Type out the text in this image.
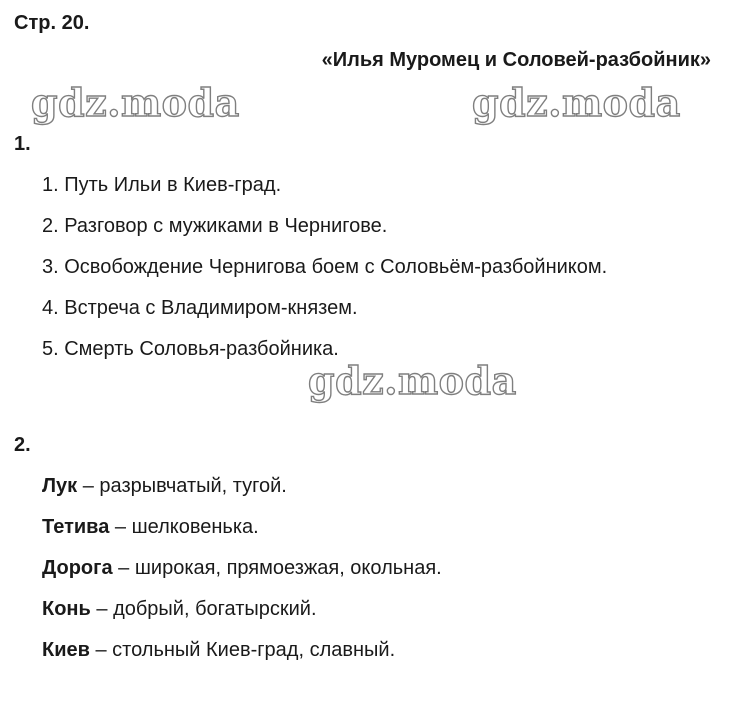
Стр. 20.
«Илья Муромец и Соловей-разбойник»
gdz.moda	gdz.moda
gdz.moda
1.
1. Путь Ильи в Киев-град.
2. Разговор с мужиками в Чернигове.
3. Освобождение Чернигова боем с Соловьём-разбойником.
4. Встреча с Владимиром-князем.
5. Смерть Соловья-разбойника.
2.
Лук – разрывчатый, тугой.
Тетива – шелковенька.
Дорога – широкая, прямоезжая, окольная.
Конь – добрый, богатырский.
Киев – стольный Киев-град, славный.
